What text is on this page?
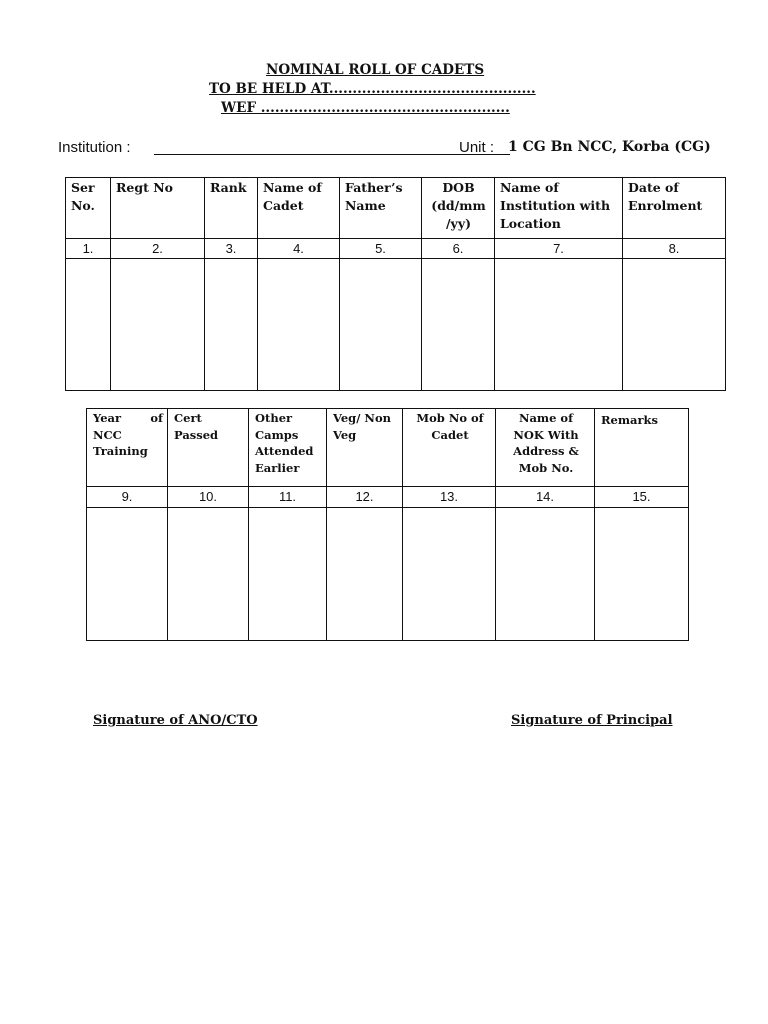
NOMINAL ROLL OF CADETS
TO BE HELD AT............................................
WEF .....................................................
Institution :	Unit : 1 CG Bn NCC, Korba (CG)
Ser No.	Regt No	Rank	Name of Cadet	Father’s Name	DOB (dd/mm /yy)	Name of Institution with Location	Date of Enrolment
1.	2.	3.	4.	5.	6.	7.	8.

Year of NCC Training	Cert Passed	Other Camps Attended Earlier	Veg/ Non Veg	Mob No of Cadet	Name of NOK With Address & Mob No.	Remarks
9.	10.	11.	12.	13.	14.	15.

Signature of ANO/CTO	Signature of Principal
